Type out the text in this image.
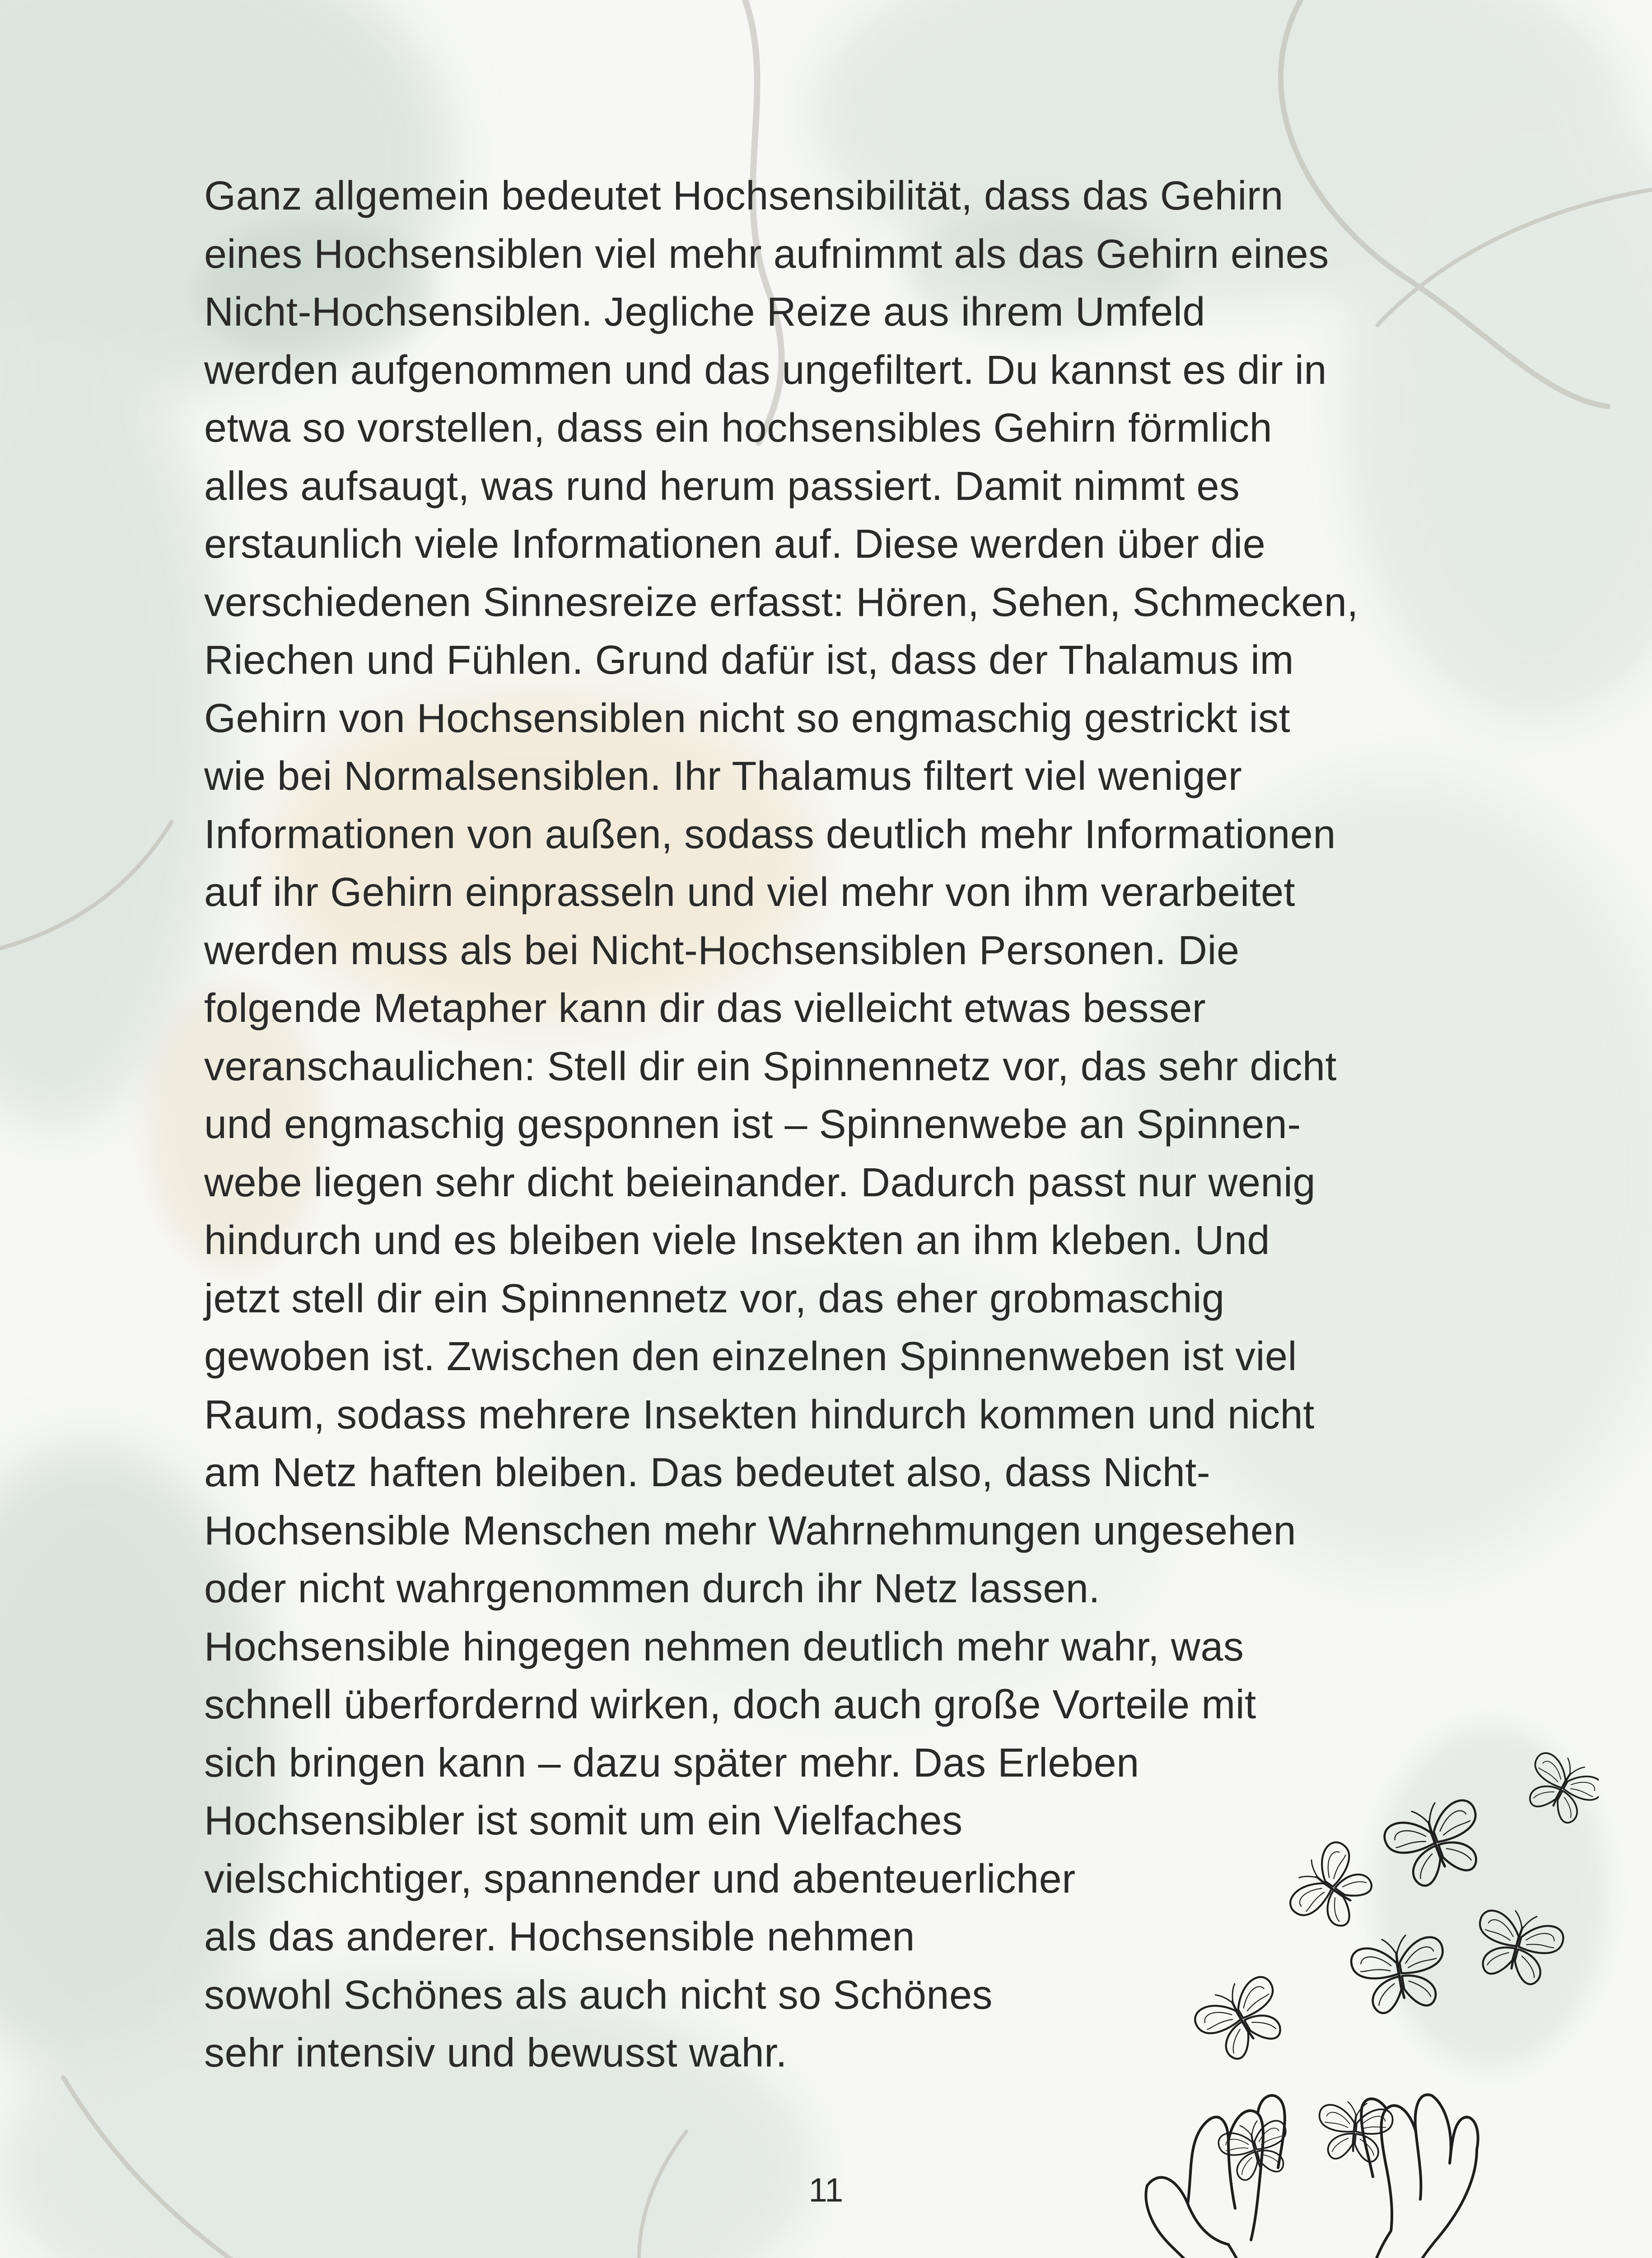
Ganz allgemein bedeutet Hochsensibilität, dass das Gehirn
eines Hochsensiblen viel mehr aufnimmt als das Gehirn eines
Nicht-Hochsensiblen. Jegliche Reize aus ihrem Umfeld
werden aufgenommen und das ungefiltert. Du kannst es dir in
etwa so vorstellen, dass ein hochsensibles Gehirn förmlich
alles aufsaugt, was rund herum passiert. Damit nimmt es
erstaunlich viele Informationen auf. Diese werden über die
verschiedenen Sinnesreize erfasst: Hören, Sehen, Schmecken,
Riechen und Fühlen. Grund dafür ist, dass der Thalamus im
Gehirn von Hochsensiblen nicht so engmaschig gestrickt ist
wie bei Normalsensiblen. Ihr Thalamus filtert viel weniger
Informationen von außen, sodass deutlich mehr Informationen
auf ihr Gehirn einprasseln und viel mehr von ihm verarbeitet
werden muss als bei Nicht-Hochsensiblen Personen. Die
folgende Metapher kann dir das vielleicht etwas besser
veranschaulichen: Stell dir ein Spinnennetz vor, das sehr dicht
und engmaschig gesponnen ist – Spinnenwebe an Spinnen-
webe liegen sehr dicht beieinander. Dadurch passt nur wenig
hindurch und es bleiben viele Insekten an ihm kleben. Und
jetzt stell dir ein Spinnennetz vor, das eher grobmaschig
gewoben ist. Zwischen den einzelnen Spinnenweben ist viel
Raum, sodass mehrere Insekten hindurch kommen und nicht
am Netz haften bleiben. Das bedeutet also, dass Nicht-
Hochsensible Menschen mehr Wahrnehmungen ungesehen
oder nicht wahrgenommen durch ihr Netz lassen.
Hochsensible hingegen nehmen deutlich mehr wahr, was
schnell überfordernd wirken, doch auch große Vorteile mit
sich bringen kann – dazu später mehr. Das Erleben
Hochsensibler ist somit um ein Vielfaches
vielschichtiger, spannender und abenteuerlicher
als das anderer. Hochsensible nehmen
sowohl Schönes als auch nicht so Schönes
sehr intensiv und bewusst wahr.
11
